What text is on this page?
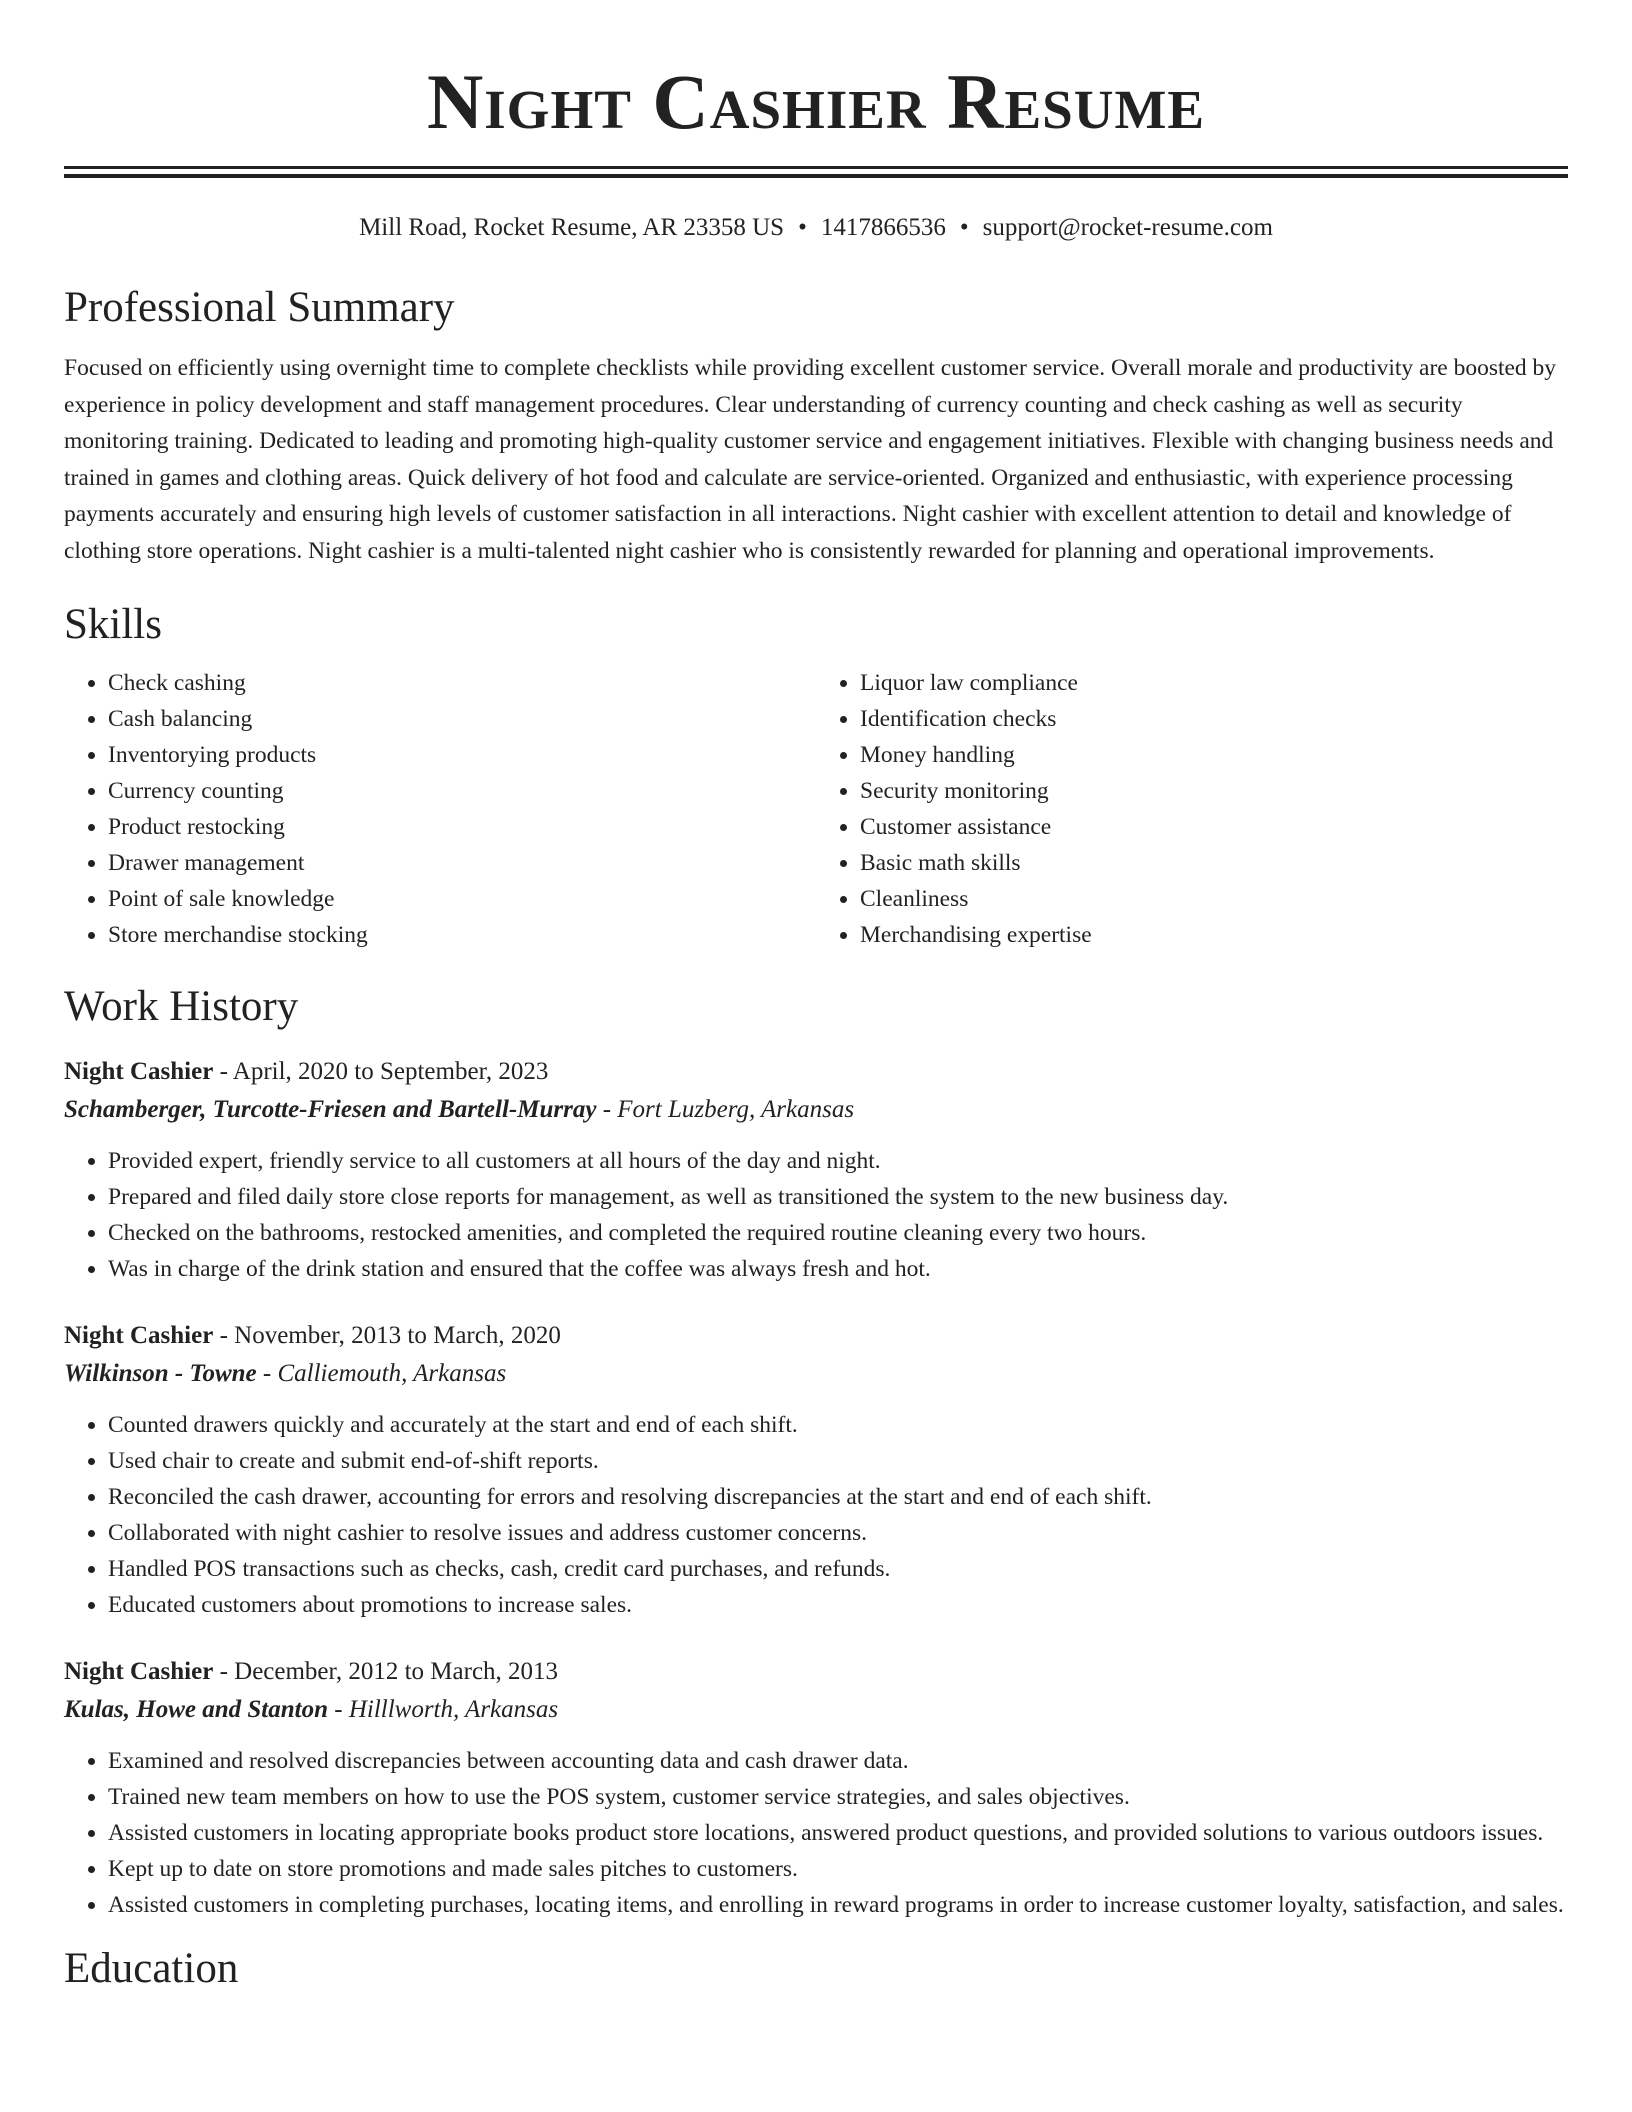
Night Cashier Resume
Mill Road, Rocket Resume, AR 23358 US • 1417866536 • support@rocket-resume.com
Professional Summary

Focused on efficiently using overnight time to complete checklists while providing excellent customer service. Overall morale and productivity are boosted by experience in policy development and staff management procedures. Clear understanding of currency counting and check cashing as well as security monitoring training. Dedicated to leading and promoting high-quality customer service and engagement initiatives. Flexible with changing business needs and trained in games and clothing areas. Quick delivery of hot food and calculate are service-oriented. Organized and enthusiastic, with experience processing payments accurately and ensuring high levels of customer satisfaction in all interactions. Night cashier with excellent attention to detail and knowledge of clothing store operations. Night cashier is a multi-talented night cashier who is consistently rewarded for planning and operational improvements.

Skills
• Check cashing
• Cash balancing
• Inventorying products
• Currency counting
• Product restocking
• Drawer management
• Point of sale knowledge
• Store merchandise stocking
• Liquor law compliance
• Identification checks
• Money handling
• Security monitoring
• Customer assistance
• Basic math skills
• Cleanliness
• Merchandising expertise
Work History
Night Cashier - April, 2020 to September, 2023
Schamberger, Turcotte-Friesen and Bartell-Murray - Fort Luzberg, Arkansas
• Provided expert, friendly service to all customers at all hours of the day and night.
• Prepared and filed daily store close reports for management, as well as transitioned the system to the new business day.
• Checked on the bathrooms, restocked amenities, and completed the required routine cleaning every two hours.
• Was in charge of the drink station and ensured that the coffee was always fresh and hot.
Night Cashier - November, 2013 to March, 2020
Wilkinson - Towne - Calliemouth, Arkansas
• Counted drawers quickly and accurately at the start and end of each shift.
• Used chair to create and submit end-of-shift reports.
• Reconciled the cash drawer, accounting for errors and resolving discrepancies at the start and end of each shift.
• Collaborated with night cashier to resolve issues and address customer concerns.
• Handled POS transactions such as checks, cash, credit card purchases, and refunds.
• Educated customers about promotions to increase sales.
Night Cashier - December, 2012 to March, 2013
Kulas, Howe and Stanton - Hilllworth, Arkansas
• Examined and resolved discrepancies between accounting data and cash drawer data.
• Trained new team members on how to use the POS system, customer service strategies, and sales objectives.
• Assisted customers in locating appropriate books product store locations, answered product questions, and provided solutions to various outdoors issues.
• Kept up to date on store promotions and made sales pitches to customers.
• Assisted customers in completing purchases, locating items, and enrolling in reward programs in order to increase customer loyalty, satisfaction, and sales.
Education
